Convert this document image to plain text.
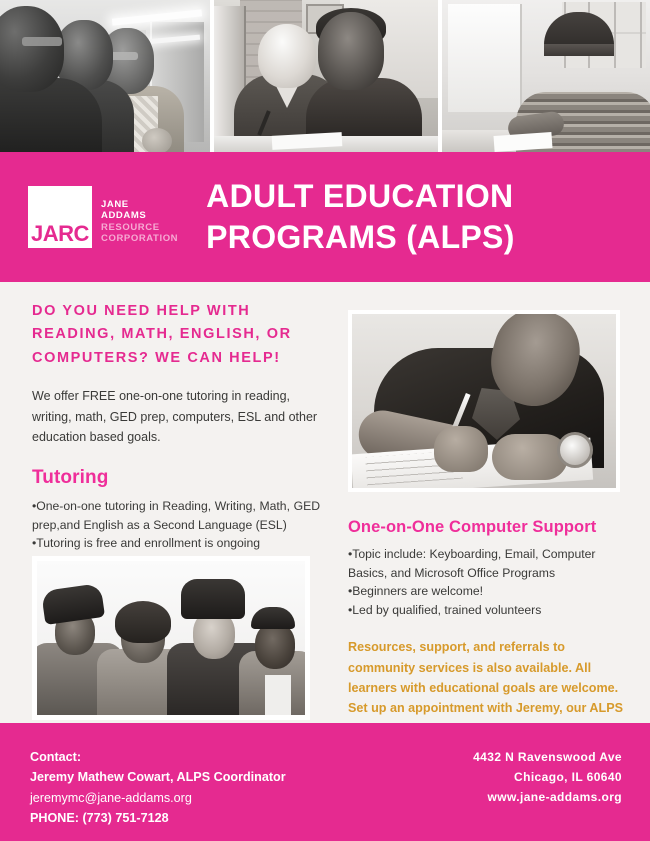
JARC
JANE
ADDAMS
RESOURCE
CORPORATION
ADULT EDUCATION
PROGRAMS (ALPS)
DO YOU NEED HELP WITH
READING, MATH, ENGLISH, OR
COMPUTERS? WE CAN HELP!
We offer FREE one-on-one tutoring in reading, writing, math, GED prep, computers, ESL and other education based goals.
Tutoring

•One-on-one tutoring in Reading, Writing, Math, GED prep,and English as a Second Language (ESL)

•Tutoring is free and enrollment is ongoing

One-on-One Computer Support

•Topic include: Keyboarding, Email, Computer Basics, and Microsoft Office Programs

•Beginners are welcome!

•Led by qualified, trained volunteers

Resources, support, and referrals to
community services is also available. All
learners with educational goals are welcome.
Set up an appointment with Jeremy, our ALPS
Contact:
Jeremy Mathew Cowart, ALPS Coordinator
jeremymc@jane-addams.org
PHONE: (773) 751-7128
4432 N Ravenswood Ave
Chicago, IL 60640
www.jane-addams.org
